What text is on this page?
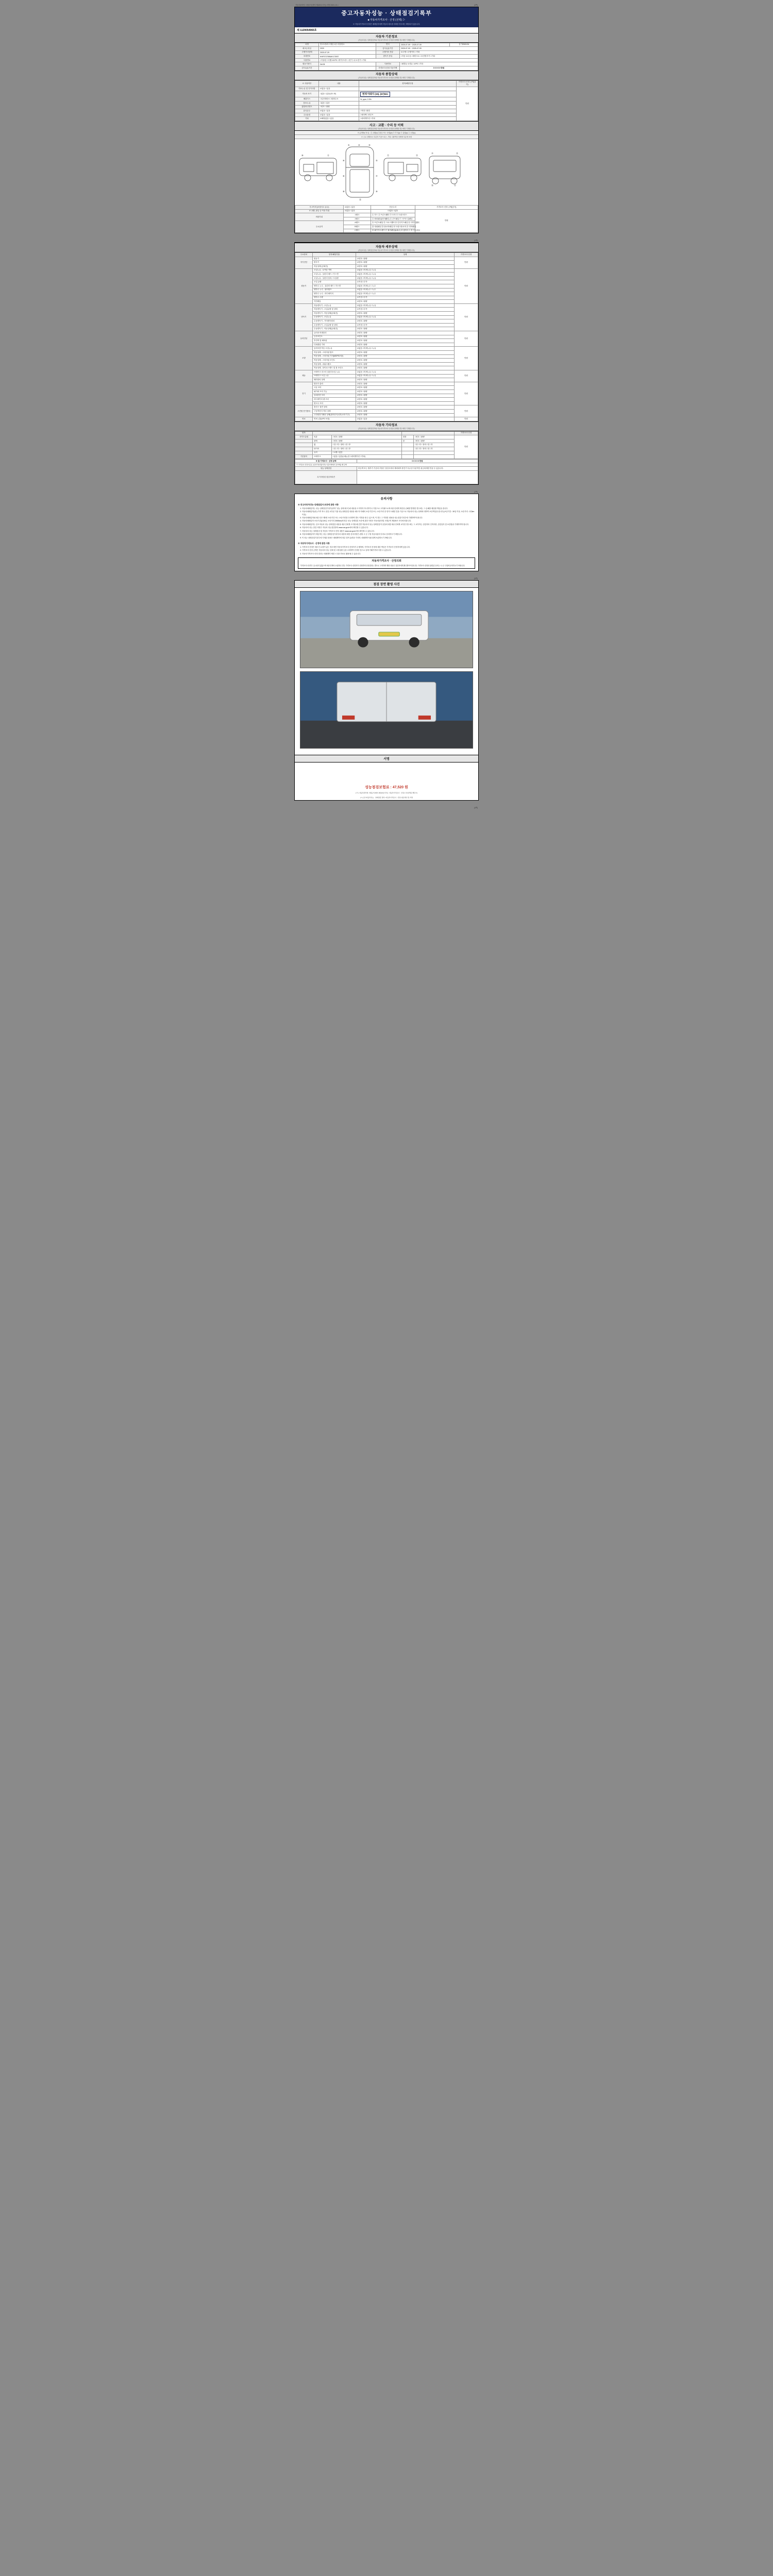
자동차관리법 시행규칙 [별지 제120호서식] <개정 2021.1.5.>	(3쪽)
중고자동차성능 · 상태점검기록부
■ 자동차가격조사 · 산정 (선택) ▷
※ 자동차가격조사·산정은 매매업자에게 자동차 매도를 의뢰한 경우에는 해당되지 않습니다.
제 1129054965호
자동차 기본정보
(자동차성능·상태점검자와 자동차가격조사·산정을 함께할 경우에만 기재합니다)
차명	봉고3 플러스냉동 1톤 더블캡 3	연식	2025-07-09 ~ 2025-07-09	검기9/M1134
최초등록일	2020	검사유효기간	2025-07-09 ~ 2025-07-09	
주행거리상태	2020-07-29	주행거리 종류	☑주행 □주행거리 □기타	
차대번호	KNFSTZ76BUK172937	변속기 종류	□자동 ☑수동 □세미오토 □무단변속기 □기타	
사용연료	□가솔린 □디젤 ☑LPG □하이브리드 □전기 □수소전기 □기타			
원동기형식	D4CB	사용연료	□휘발유 ☑경유 □LPG □기타	
검사유효기간		가격조사·산정 기준가액	0 0 0 0 0 만원	
자동차 종합상태
(자동차성능·상태점검자와 자동차가격조사·산정을 함께할 경우에만 기재합니다)
※ 사용여부	내용	항목/해당부품	가격조사·산정 금액(감가)
연료누유 및 특이사항	☑없음 □있음		만원
자동차 표기	□없음 □있음(□D □E)	현재 아래지 (15), (67)Nm	
배출가스	□일산화탄소 □탄화수소	%, ppm, 2.0%	
점소/누유	□없음 □있음		
휠얼라인먼트	□양호 □불량		
튜닝유무	☑없음 □있음	□적법 □불법	
주요옵션	☑없음 □있음	□에어백 □썬루프	
기타	☑해당없음 □있음	□내비게이션 □기타	
사고 · 교환 · 수리 등 이력
(자동차성능·상태점검자와 자동차가격조사·산정을 함께할 경우에만 기재합니다)
※ (교체/w 표시) : ① 교환(x) ②판금 또는 용접(w) ③ 부식(c) ④ 흠집(a) ⑤ 요철(u)
※ 주요 상태표시 부분의 기준으로는, 기타 주황색상 상태에 부분에 포함
①	②	③
④	⑤
⑥	⑦
⑧	⑨
⑩	⑪	⑫	⑬
⑭	⑮
⑯	⑰
⑱
사고이력 (보험사고 유무)	☑없음 □있음	단순수리	가격조사·산정 금액(감가)
※ 교환, 판금 등 이상 부위	☑없음 □있음	☑없음 □있음	만원
외판부위	1랭크	① 후드 ② 프론트휀더 ③ 도어 ④ 트렁크리드	
	2랭크	⑤ 쿼터패널(리어휀더) ⑥ 루프패널 ⑦ 사이드실패널	
주요골격	A랭크	⑧ 프론트패널 ⑨ 크로스멤버 ⑩ 인사이드패널 ⑪ 사이드멤버	
	B랭크	⑫ 대쉬패널 ⑬ 플로어패널 ⑭ 트렁크플로어 ⑮ 리어패널	
	C랭크	⑯ 패키지트레이 ⑰ 필러패널(A,B,C) ⑱ 휠하우스 ⑲ 루프레일	
(1쪽)
자동차 세부상태
(자동차성능·상태점검자와 자동차가격조사·산정을 함께할 경우에만 기재합니다)
주요장치	항목/해당부품	상태	가격조사·산정
자기진단	원동기	☑양호 □불량	만원
	변속기	☑양호 □불량	
	작동상태 (공회전)	☑양호 □불량	
원동기	오일누유 - 로커암 커버	☑없음 □미세누유 □누유	만원
	오일누유 - 실린더 헤드 / 가스켓	☑없음 □미세누유 □누유	
	오일누유 - 실린더 블록 / 오일팬	☑없음 □미세누유 □누유	
	오일 유량	☑적정 □부족	
	냉각수 누수 - 실린더 헤드 / 가스켓	☑없음 □미세누수 □누수	
	냉각수 누수 - 워터펌프	☑없음 □미세누수 □누수	
	냉각수 누수 - 라디에이터	☑없음 □미세누수 □누수	
	냉각수 수량	☑적정 □부족	
	커먼레일	☑양호 □불량	
변속기	자동변속기 - 오일누유	☑없음 □미세누유 □누유	만원
	자동변속기 - 오일유량 및 상태	☑적정 □부족	
	자동변속기 - 작동상태(공회전)	☑양호 □불량	
	수동변속기 - 오일누유	☑없음 □미세누유 □누유	
	수동변속기 - 기어변속장치	☑양호 □불량	
	수동변속기 - 오일유량 및 상태	☑적정 □부족	
	수동변속기 - 작동상태(공회전)	☑양호 □불량	
동력전달	클러치 어셈블리	☑양호 □불량	만원
	등속조인트	☑양호 □불량	
	추진축 및 베어링	☑양호 □불량	
	디퍼렌셜 기어	☑양호 □불량	
조향	동력조향 작동 오일누유	☑없음 □미세누유 □누유	만원
	작동상태 - 스티어링 펌프	☑양호 □불량	
	작동상태 - 스티어링 기어(MDPS포함)	☑양호 □불량	
	작동상태 - 스티어링 조인트	☑양호 □불량	
	작동상태 - 파워크랭크	☑양호 □불량	
	작동상태 - 타이로드엔드 및 볼 조인트	☑양호 □불량	
제동	브레이크 마스터 실린더오일 누유	☑없음 □미세누유 □누유	만원
	브레이크 오일 누유	☑없음 □미세누유 □누유	
	배력장치 상태	☑양호 □불량	
전기	발전기 출력	☑양호 □불량	만원
	시동 모터	☑양호 □불량	
	와이퍼 모터 기능	☑양호 □불량	
	실내송풍 모터	☑양호 □불량	
	라디에이터 팬 모터	☑양호 □불량	
	윈도우 모터	☑양호 □불량	
고전원 전기장치	충전구 절연 상태	☑양호 □불량	만원
	구동축전지 격리 상태	☑양호 □불량	
	고전원전기배선 상태(접속단자,피복,보호기구)	☑양호 □불량	
연료	연료누출(LPG 포함)	☑없음 □있음	만원
자동차 기타정보
(자동차성능·상태점검자와 자동차가격조사·산정을 함께할 경우에만 기재합니다)
항목					가격조사·산정
사이드슬립	외관	□양호 □불량	내장	□양호 □불량	만원
	광택	□양호 □불량	룸	□양호 □불량	
	휠	□전 □후 / 정비 □전 □후		□전 □후 / 정비 □전 □후	
	타이어	□전 □후 / 정비 □전 □후		□전 □후 / 정비 □전 □후	
	유리	□교환 □없음			
기본품목	브레이크	□없음 □있음(□매뉴얼 □네비게이션 □기타)			
※ 총 가격조사 · 산정 금액	0 0 0 0 0 만원
※ 가격조사·산정기준표 보정가격(차량가격) 기준가액에서 감가액을 뺀 금액	
성능·상태점검	비공개 또는 할부가 기준의 부품은 점검시에서 제외되며 중간기 특수감 부분역인 판금되세한 만큼 수 있습니다.
특기사항및 점검자의견	
(2쪽)
유의사항
※ 중고자동차성능·상태점검자 보증에 관한 사항
1. 자동차매매업자는 성능·상태점검기록부(이하 "성능 상태 체크")에 내용을 고지하지 아니하거나 거짓으로 고지될으로써 매수인에게 재산상 손해를 발생한 경우에는 그 손해를 배상할 책임을 집니다.
2. 자동차매매업자(성능가격 적시 점검 교부된 기관 성능상태점검 내용을 매도자 아래의 보증기간 또는 보증거리 중 먼저 도래한 것을 기준으로 자동차의 성능·상태에 대하여 보증책임을 집니다.(보증기간 : 30일 이상, 보증거리 : 2천km 이상)
3. 자동차매매업자와 매수인은 제2항 보증기간 또는 보증거리를 초과하여 별도 약정을 할 수 있으며, 이 경우 그 약정한 내용을 성능점검기록부에 기재하여야 합니다.
4. 자동차매매업자 보증기간(2,30일, 보증거리 2000km)에 따른 성능·상태점검 보증에 관한 사항은 자동차관리법 시행규칙 제120조 서식에 따릅니다.
5. 자동차매매업자는 중고자동차 성능·상태점검 내용을 매수인에게 고지할 때 본별 자동차의 성능·상태점검자 실질에 대한 매수인에게 교부한 경우에는 그 교부하는 점검자의 인적사항, 점검일자 및 보증범위 기재하여야 합니다.
6. 자동차의 성능 점검 사항은 자동차 성능점검장의 www.car.go.kr에서 확인할 수 있습니다.
7. 자동차의 성능·상태점검 및 자동차 가격조사·산정 내용은 www.car.go.kr에서 확인할 수 있습니다.
8. 자동차매매업자가 제공하는 성능·상태점검기록부의 내용에 대한 문의사항은 관할 시·군·구청 자동차관리 부서로 문의하시기 바랍니다.
9. 이 성능·상태점검기록부에 기재된 내용은 매매계약에 따른 법적 효력을 가지며, 매매계약서와 함께 보관하시기 바랍니다.
※ 자동차가격조사 · 산정에 관한 사항
1. 가격조사·산정은 매도인 요청이 있는 경우에만 자동차가격조사·산정자가 수행하며, 가격조사·산정에 대한 책임은 가격조사·산정자에게 있습니다.
2. 가격조사·산정 금액은 자동차의 성능·상태 및 시장상황 등을 고려하여 산정한 것으로 실제 거래가격과 다를 수 있습니다.
3. 자동차가격조사·산정 결과는 매매계약 체결 시 참고자료로 활용될 수 있습니다.
자동차가격조사 · 산정의뢰
"가격조사·산정"은 실시되지 않았으며 매수인께서 요청하신 경우 가격조사·산정자가 산정하며 산정결과는 별도로 고지하며 해당 내용은 점검자에게 확인받아야 합니다. 가격조사·산정과 관련된 문의는 시·군·구청에 문의하시기 바랍니다.
(3쪽)
점검 장면 촬영 사진
서명
성능점검보험료 : 47,520 원
[ ※ ] 자동차관리법 시행규칙 [별지 제120호서식] : 자동차가격조사 · 산정 1 부(선택된 해당시)
[ Y ] 중고자동차성능 · 상태점검 결과 / 자동차가격조사 · 산정 내용 확인 및 서명
(4쪽)
